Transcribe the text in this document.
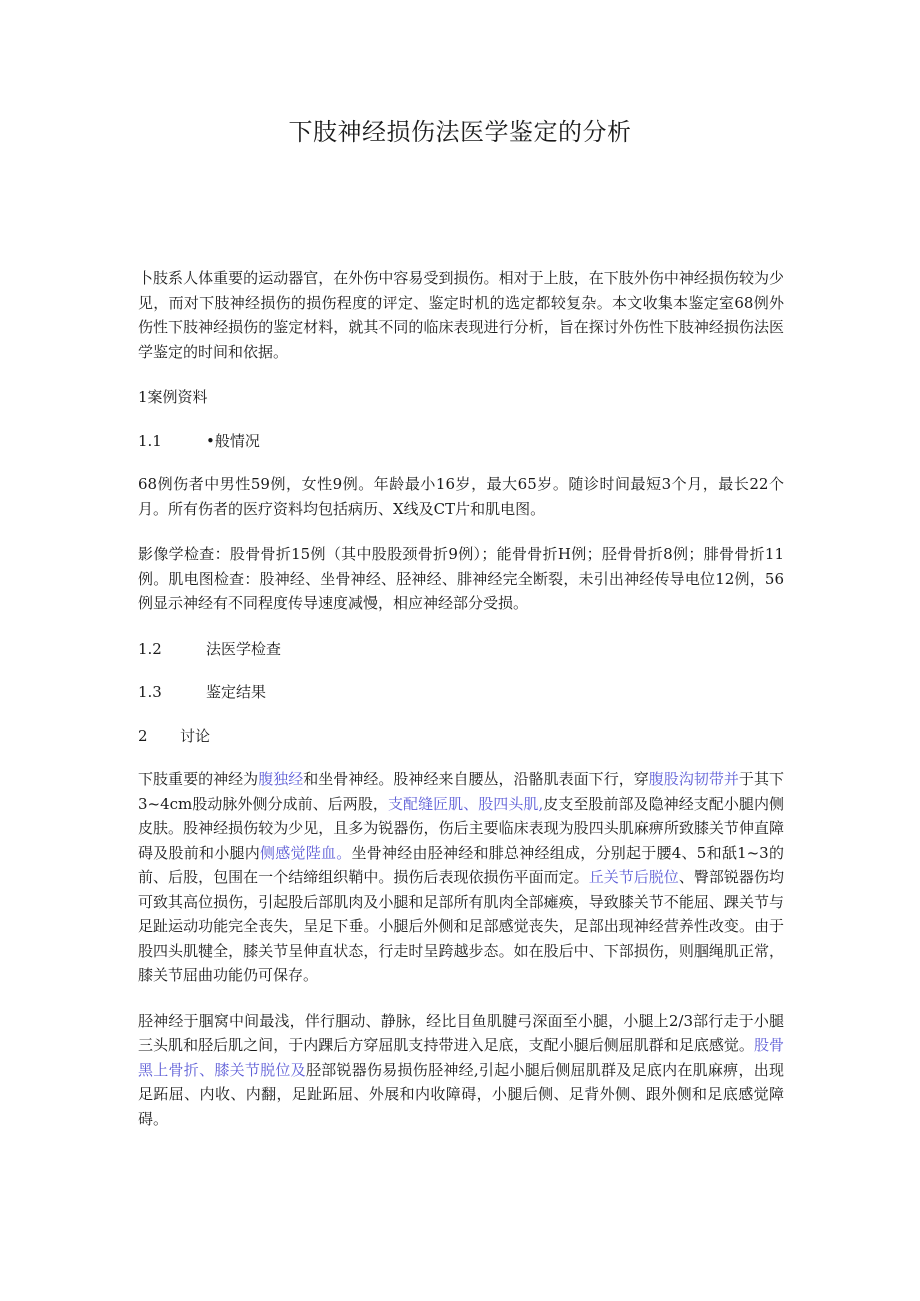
下肢神经损伤法医学鉴定的分析

卜肢系人体重要的运动器官，在外伤中容易受到损伤。相对于上肢，在下肢外伤中神经损伤较为少见，而对下肢神经损伤的损伤程度的评定、鉴定时机的选定都较复杂。本文收集本鉴定室68例外伤性下肢神经损伤的鉴定材料，就其不同的临床表现进行分析，旨在探讨外伤性下肢神经损伤法医学鉴定的时间和依据。

1案例资料

1.1	•般情况

68例伤者中男性59例，女性9例。年龄最小16岁，最大65岁。随诊时间最短3个月，最长22个月。所有伤者的医疗资料均包括病历、X线及CT片和肌电图。

影像学检查：股骨骨折15例（其中股股颈骨折9例）；能骨骨折H例；胫骨骨折8例；腓骨骨折11例。肌电图检查：股神经、坐骨神经、胫神经、腓神经完全断裂，未引出神经传导电位12例，56例显示神经有不同程度传导速度减慢，相应神经部分受损。

1.2	法医学检查

1.3	鉴定结果

2 讨论

下肢重要的神经为腹独经和坐骨神经。股神经来自腰丛，沿骼肌表面下行，穿腹股沟韧带并于其下3~4cm股动脉外侧分成前、后两股，支配缝匠肌、股四头肌,皮支至股前部及隐神经支配小腿内侧皮肤。股神经损伤较为少见，且多为锐器伤，伤后主要临床表现为股四头肌麻痹所致膝关节伸直障碍及股前和小腿内侧感觉陛血。坐骨神经由胫神经和腓总神经组成，分别起于腰4、5和舐1~3的前、后股，包围在一个结缔组织鞘中。损伤后表现依损伤平面而定。丘关节后脱位、臀部锐器伤均可致其高位损伤，引起股后部肌肉及小腿和足部所有肌肉全部瘫痪，导致膝关节不能屈、踝关节与足趾运动功能完全丧失，呈足下垂。小腿后外侧和足部感觉丧失，足部出现神经营养性改变。由于股四头肌犍全，膝关节呈伸直状态，行走时呈跨越步态。如在股后中、下部损伤，则腘绳肌正常，膝关节屈曲功能仍可保存。

胫神经于腘窝中间最浅，伴行腘动、静脉，经比目鱼肌腱弓深面至小腿，小腿上2/3部行走于小腿三头肌和胫后肌之间，于内踝后方穿屈肌支持带进入足底，支配小腿后侧屈肌群和足底感觉。股骨黑上骨折、膝关节脱位及胫部锐器伤易损伤胫神经,引起小腿后侧屈肌群及足底内在肌麻痹，出现足跖屈、内收、内翻，足趾跖屈、外展和内收障碍，小腿后侧、足背外侧、跟外侧和足底感觉障碍。
